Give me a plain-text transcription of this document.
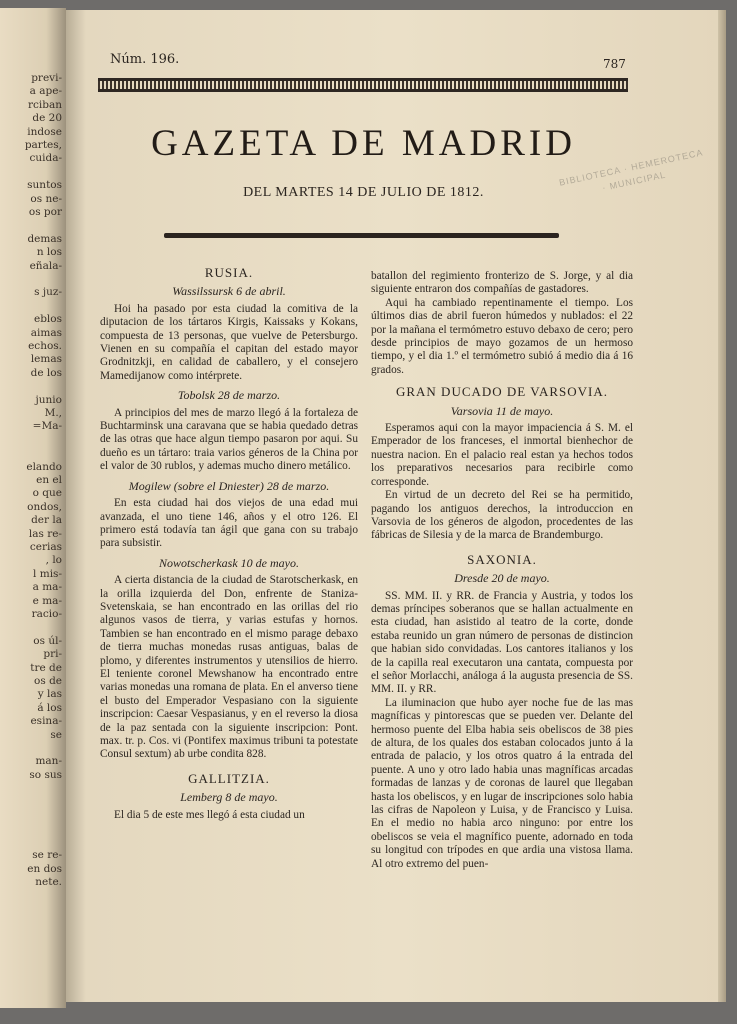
previ-
a ape-
rciban
de 20
indose
partes,
cuida-
suntos
os ne-
os por
demas
n los
eñala-
s juz-
eblos
aimas
echos.
lemas
de los
junio
M.,
=Ma-
elando
en el
o que
ondos,
der la
las re-
cerias
, lo
l mis-
a ma-
e ma-
racio-
os úl-
pri-
tre de
os de
y las
á los
esina-
se
man-
so sus
se re-
en dos
nete.
Núm. 196.	787
GAZETA DE MADRID
DEL MARTES 14 DE JULIO DE 1812.
BIBLIOTECA · HEMEROTECA · MUNICIPAL
RUSIA.
Wassilssursk 6 de abril.

Hoi ha pasado por esta ciudad la comitiva de la diputacion de los tártaros Kirgis, Kaissaks y Kokans, compuesta de 13 personas, que vuelve de Petersburgo. Vienen en su compañía el capitan del estado mayor Grodnitzkji, en calidad de caballero, y el consejero Mamedijanow como intérprete.

Tobolsk 28 de marzo.

A principios del mes de marzo llegó á la fortaleza de Buchtarminsk una caravana que se habia quedado detras de las otras que hace algun tiempo pasaron por aqui. Su dueño es un tártaro: traia varios géneros de la China por el valor de 30 rublos, y ademas mucho dinero metálico.

Mogilew (sobre el Dniester) 28 de marzo.

En esta ciudad hai dos viejos de una edad mui avanzada, el uno tiene 146, años y el otro 126. El primero está todavía tan ágil que gana con su trabajo para subsistir.

Nowotscherkask 10 de mayo.

A cierta distancia de la ciudad de Starotscherkask, en la orilla izquierda del Don, enfrente de Staniza-Svetenskaia, se han encontrado en las orillas del rio algunos vasos de tierra, y varias estufas y hornos. Tambien se han encontrado en el mismo parage debaxo de tierra muchas monedas rusas antiguas, balas de plomo, y diferentes instrumentos y utensilios de hierro. El teniente coronel Mewshanow ha encontrado entre varias monedas una romana de plata. En el anverso tiene el busto del Emperador Vespasiano con la siguiente inscripcion: Caesar Vespasianus, y en el reverso la diosa de la paz sentada con la siguiente inscripcion: Pont. max. tr. p. Cos. vi (Pontifex maximus tribuni ta potestate Consul sextum) ab urbe condita 828.

GALLITZIA.
Lemberg 8 de mayo.

El dia 5 de este mes llegó á esta ciudad un

batallon del regimiento fronterizo de S. Jorge, y al dia siguiente entraron dos compañías de gastadores.

Aqui ha cambiado repentinamente el tiempo. Los últimos dias de abril fueron húmedos y nublados: el 22 por la mañana el termómetro estuvo debaxo de cero; pero desde principios de mayo gozamos de un hermoso tiempo, y el dia 1.º el termómetro subió á medio dia á 16 grados.

GRAN DUCADO DE VARSOVIA.
Varsovia 11 de mayo.

Esperamos aqui con la mayor impaciencia á S. M. el Emperador de los franceses, el inmortal bienhechor de nuestra nacion. En el palacio real estan ya hechos todos los preparativos necesarios para recibirle como corresponde.

En virtud de un decreto del Rei se ha permitido, pagando los antiguos derechos, la introduccion en Varsovia de los géneros de algodon, procedentes de las fábricas de Silesia y de la marca de Brandemburgo.

SAXONIA.
Dresde 20 de mayo.

SS. MM. II. y RR. de Francia y Austria, y todos los demas príncipes soberanos que se hallan actualmente en esta ciudad, han asistido al teatro de la corte, donde estaba reunido un gran número de personas de distincion que habian sido convidadas. Los cantores italianos y los de la capilla real executaron una cantata, compuesta por el señor Morlacchi, análoga á la augusta presencia de SS. MM. II. y RR.

La iluminacion que hubo ayer noche fue de las mas magníficas y pintorescas que se pueden ver. Delante del hermoso puente del Elba habia seis obeliscos de 38 pies de altura, de los quales dos estaban colocados junto á la entrada de palacio, y los otros quatro á la entrada del puente. A uno y otro lado habia unas magníficas arcadas formadas de lanzas y de coronas de laurel que llegaban hasta los obeliscos, y en lugar de inscripciones solo habia las cifras de Napoleon y Luisa, y de Francisco y Luisa. En el medio no habia arco ninguno: por entre los obeliscos se veia el magnífico puente, adornado en toda su longitud con trípodes en que ardia una vistosa llama. Al otro extremo del puen-
